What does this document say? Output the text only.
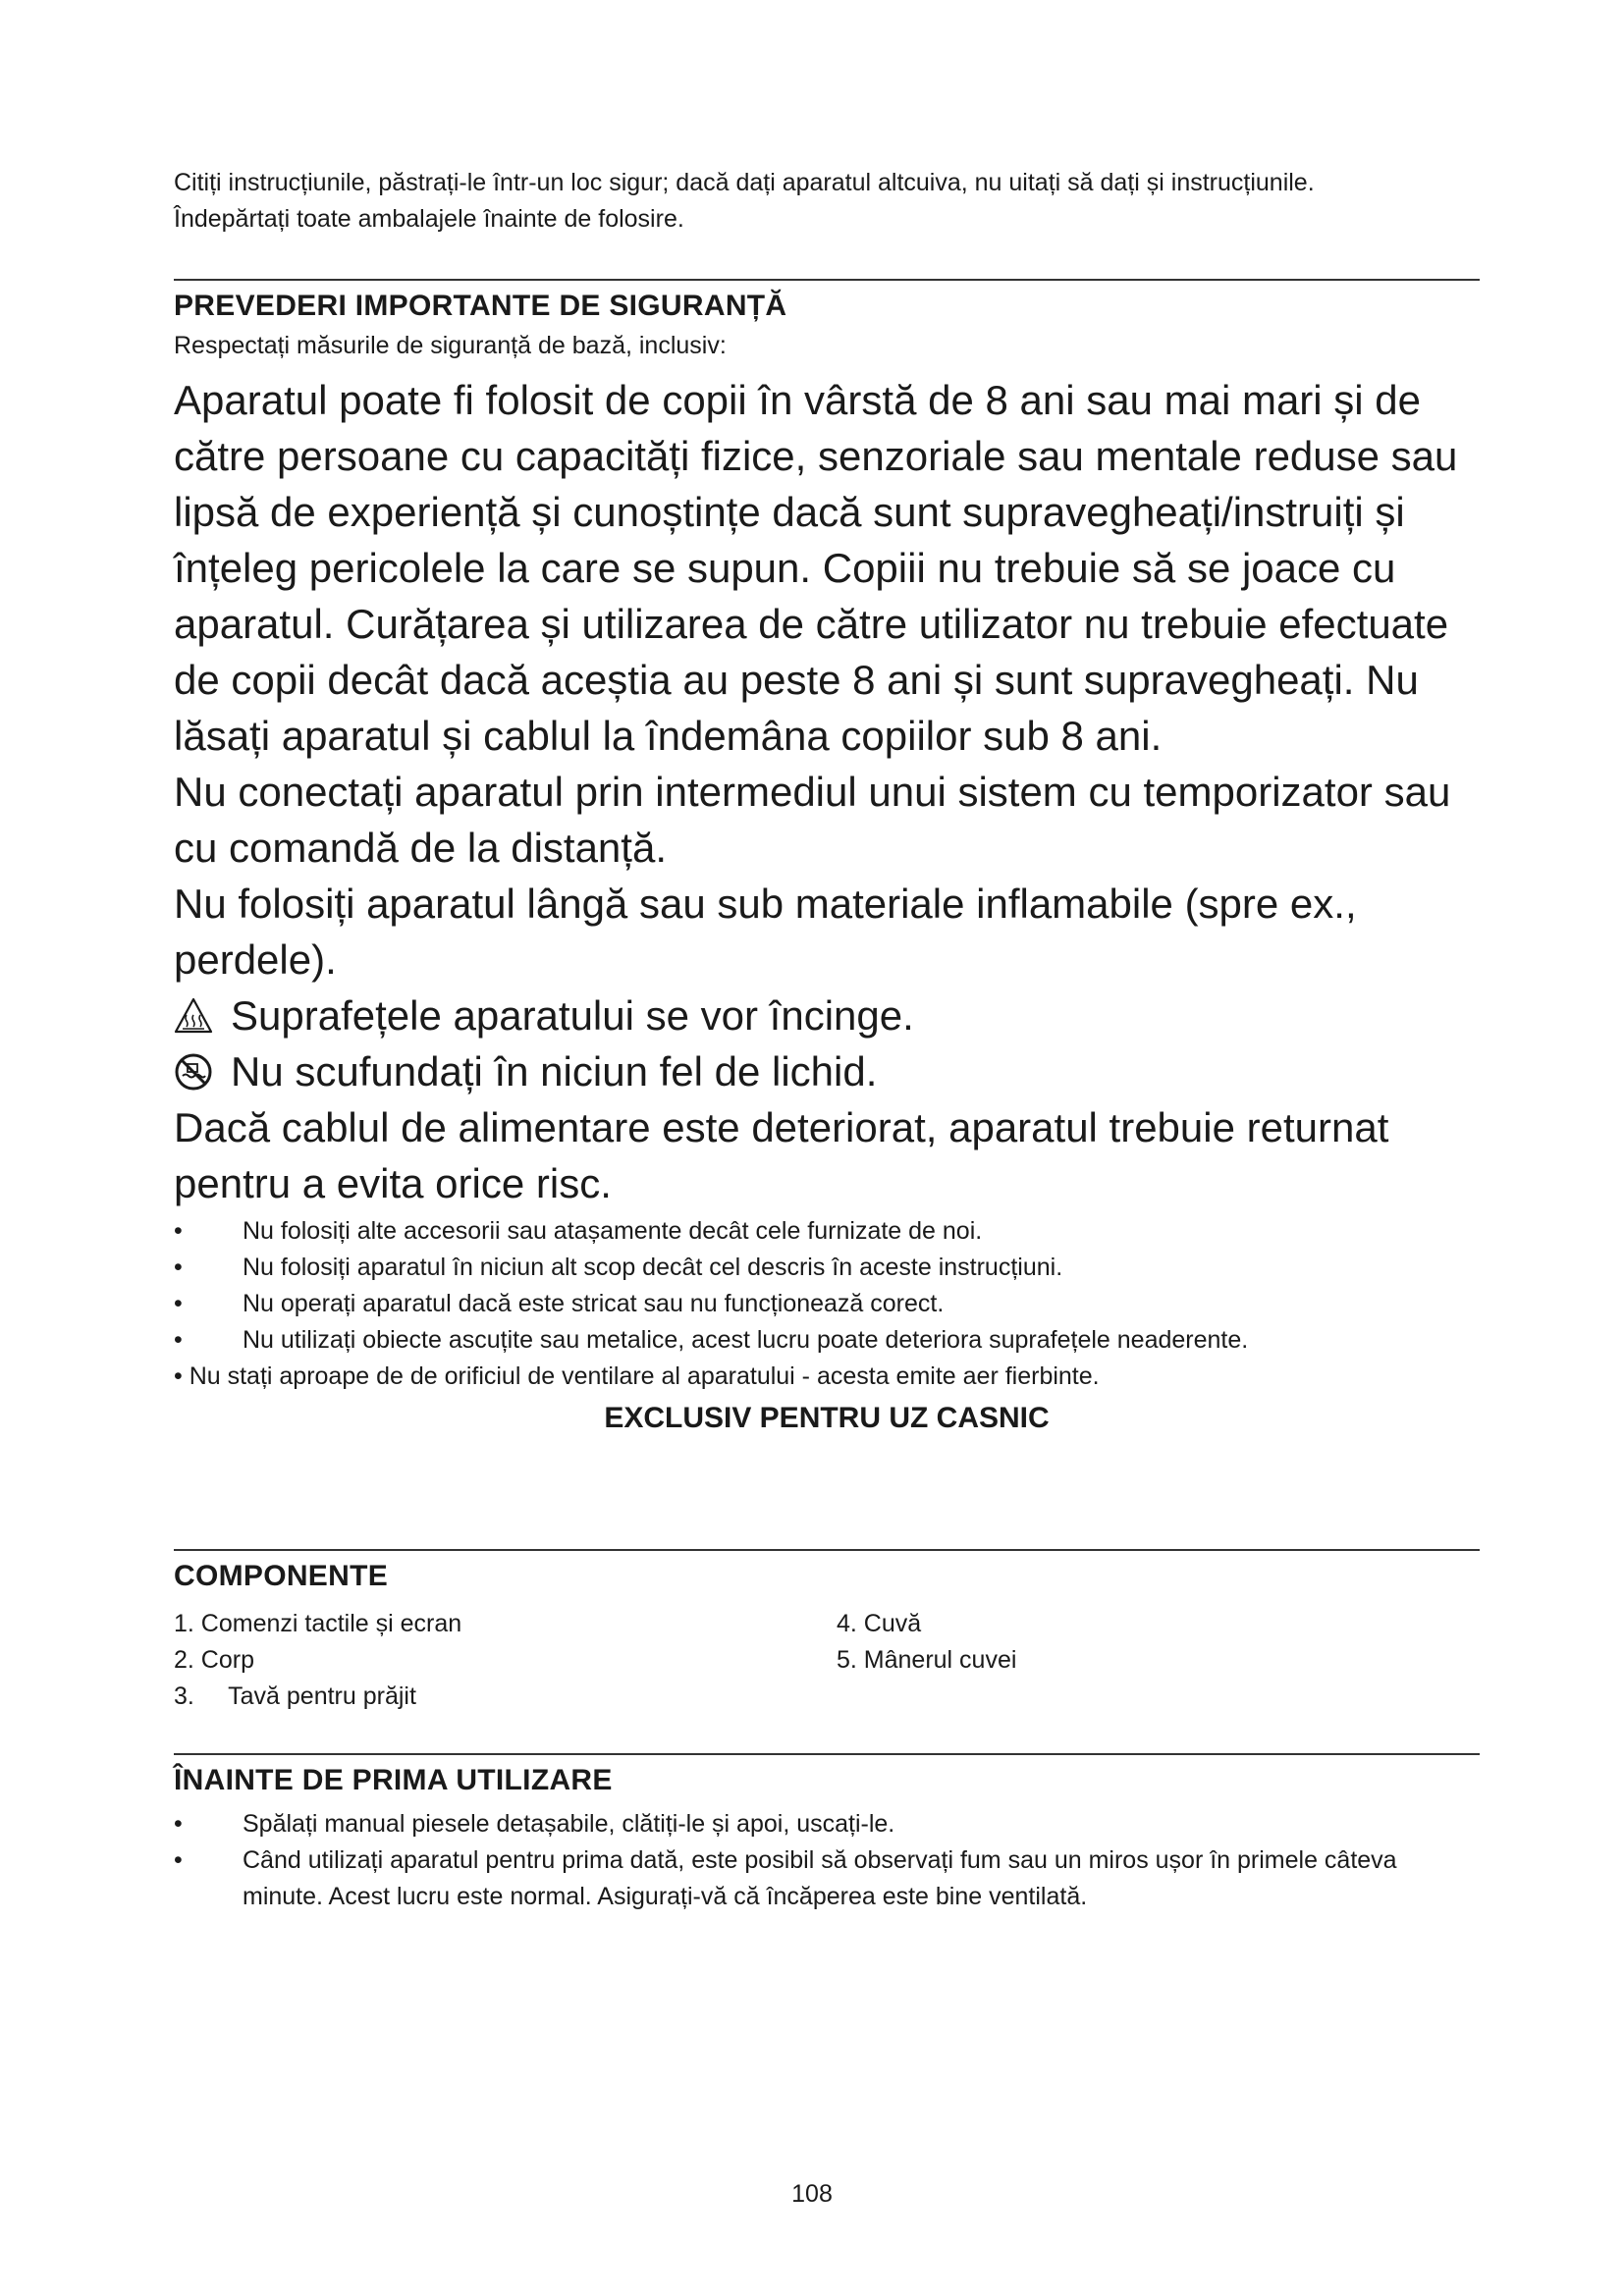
Citiți instrucțiunile, păstrați-le într-un loc sigur; dacă dați aparatul altcuiva, nu uitați să dați și instrucțiunile.

Îndepărtați toate ambalajele înainte de folosire.

PREVEDERI IMPORTANTE DE SIGURANȚĂ

Respectați măsurile de siguranță de bază, inclusiv:

Aparatul poate fi folosit de copii în vârstă de 8 ani sau mai mari și de către persoane cu capacități fizice, senzoriale sau mentale reduse sau lipsă de experiență și cunoștințe dacă sunt supravegheați/instruiți și înțeleg pericolele la care se supun. Copiii nu trebuie să se joace cu aparatul. Curățarea și utilizarea de către utilizator nu trebuie efectuate de copii decât dacă aceștia au peste 8 ani și sunt supravegheați. Nu lăsați aparatul și cablul la îndemâna copiilor sub 8 ani.

Nu conectați aparatul prin intermediul unui sistem cu temporizator sau cu comandă de la distanță.

Nu folosiți aparatul lângă sau sub materiale inflamabile (spre ex., perdele).

Suprafețele aparatului se vor încinge.
Nu scufundați în niciun fel de lichid.

Dacă cablul de alimentare este deteriorat, aparatul trebuie returnat pentru a evita orice risc.

• Nu folosiți alte accesorii sau atașamente decât cele furnizate de noi.
• Nu folosiți aparatul în niciun alt scop decât cel descris în aceste instrucțiuni.
• Nu operați aparatul dacă este stricat sau nu funcționează corect.
• Nu utilizați obiecte ascuțite sau metalice, acest lucru poate deteriora suprafețele neaderente.
• Nu stați aproape de de orificiul de ventilare al aparatului - acesta emite aer fierbinte.

EXCLUSIV PENTRU UZ CASNIC

COMPONENTE

1. Comenzi tactile și ecran	4. Cuvă

2. Corp	5. Mânerul cuvei

3.     Tavă pentru prăjit

ÎNAINTE DE PRIMA UTILIZARE

• Spălați manual piesele detașabile, clătiți-le și apoi, uscați-le.
• Când utilizați aparatul pentru prima dată, este posibil să observați fum sau un miros ușor în primele câteva minute. Acest lucru este normal. Asigurați-vă că încăperea este bine ventilată.
108
